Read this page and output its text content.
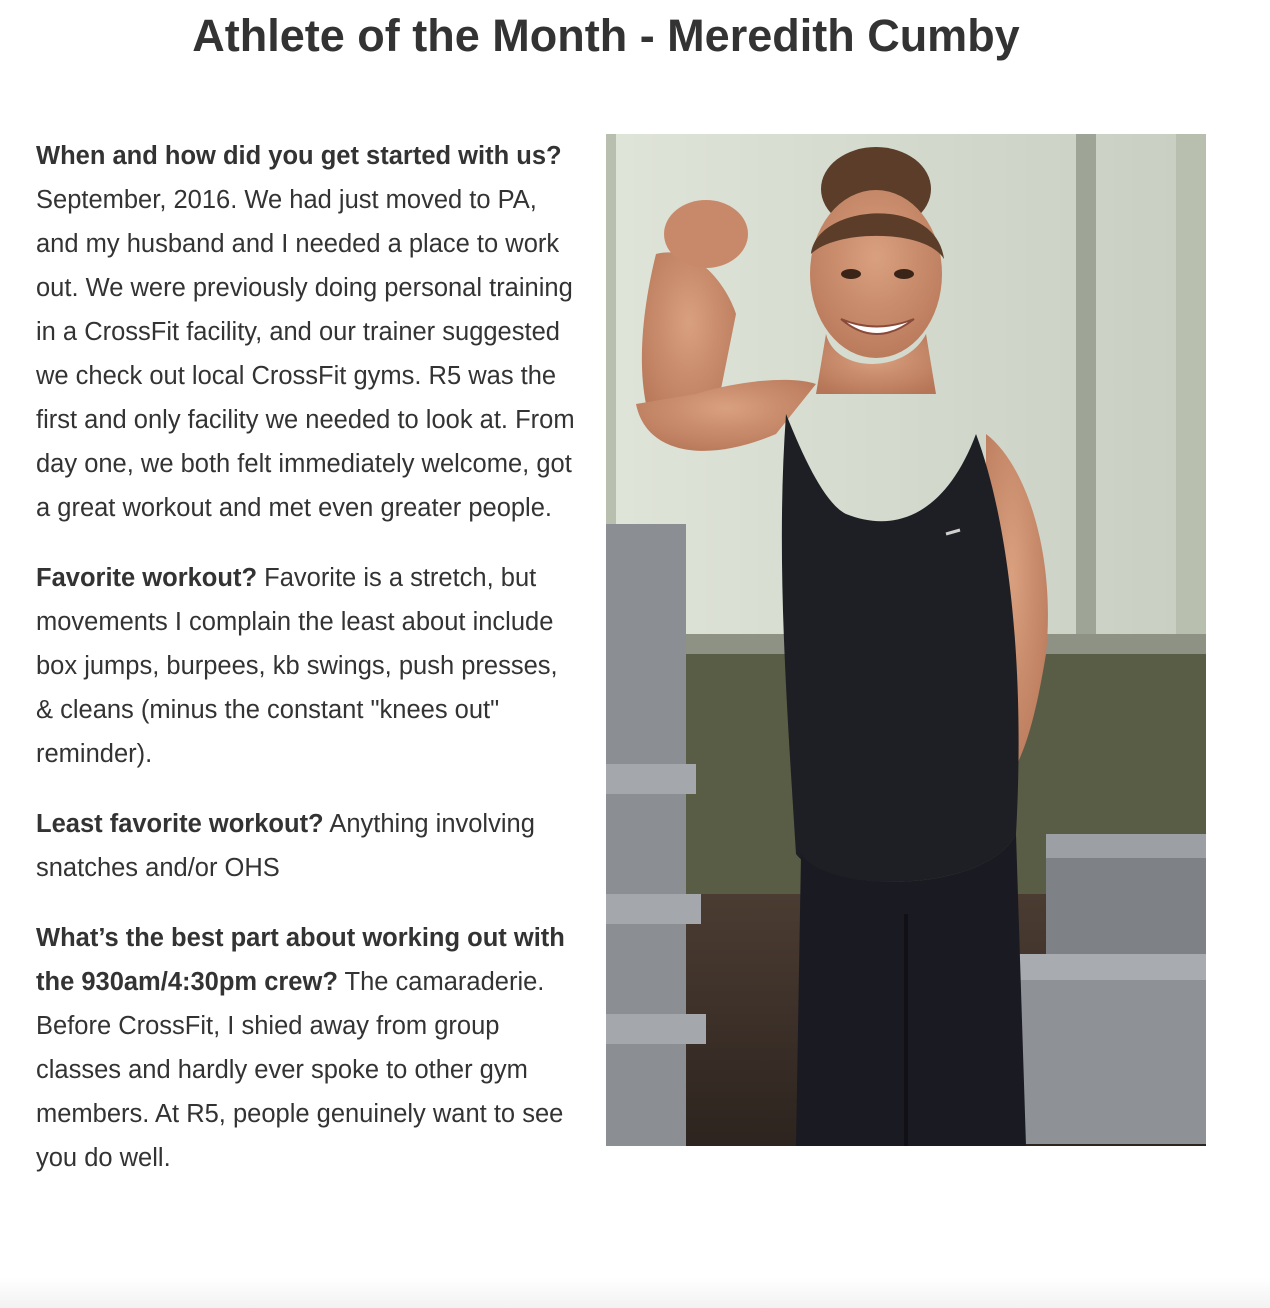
Athlete of the Month - Meredith Cumby

When and how did you get started with us? September, 2016. We had just moved to PA, and my husband and I needed a place to work out. We were previously doing personal training in a CrossFit facility, and our trainer suggested we check out local CrossFit gyms. R5 was the first and only facility we needed to look at. From day one, we both felt immediately welcome, got a great workout and met even greater people.

Favorite workout? Favorite is a stretch, but movements I complain the least about include box jumps, burpees, kb swings, push presses, & cleans (minus the constant "knees out" reminder).

Least favorite workout? Anything involving snatches and/or OHS

What’s the best part about working out with the 930am/4:30pm crew? The camaraderie. Before CrossFit, I shied away from group classes and hardly ever spoke to other gym members. At R5, people genuinely want to see you do well.
